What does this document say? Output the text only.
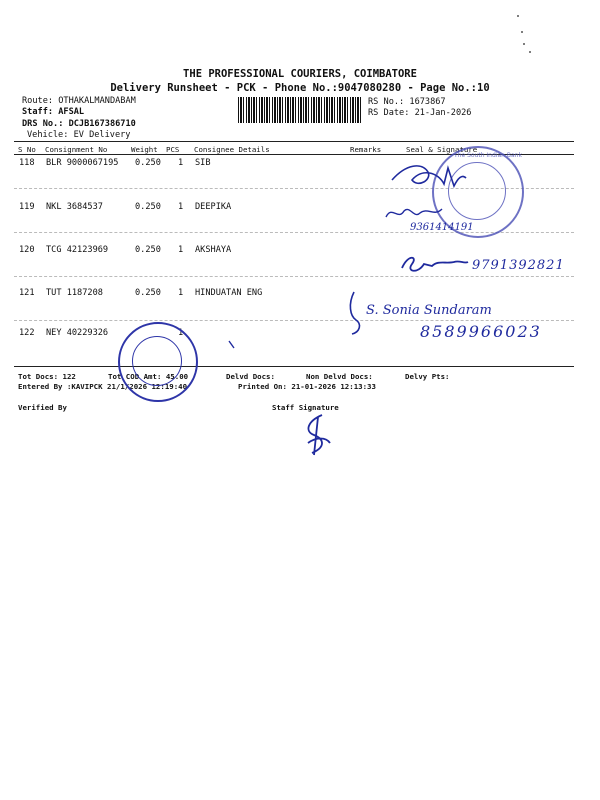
THE PROFESSIONAL COURIERS, COIMBATORE
Delivery Runsheet - PCK - Phone No.:9047080280 - Page No.:10
Route: OTHAKALMANDABAM
Staff: AFSAL
DRS No.: DCJB167386710
Vehicle: EV Delivery
RS No.: 1673867
RS Date: 21-Jan-2026
S No Consignment No	Weight PCS Consignee Details	Remarks	Seal & Signature
118 BLR 9000067195 0.250 1 SIB
119 NKL 3684537	0.250 1 DEEPIKA
120 TCG 42123969	0.250 1 AKSHAYA
121 TUT 1187208	0.250 1 HINDUATAN ENG
122 NEY 40229326	1
Tot Docs: 122	Tot COD Amt: 45.00	Delvd Docs:	Non Delvd Docs:	Delvy Pts:
Entered By :KAVIPCK 21/1/2026 12:19:40	Printed On: 21-01-2026 12:13:33
Verified By	Staff Signature
The South Indian Bank
9361414191
9791392821
S. Sonia Sundaram
8589966023
